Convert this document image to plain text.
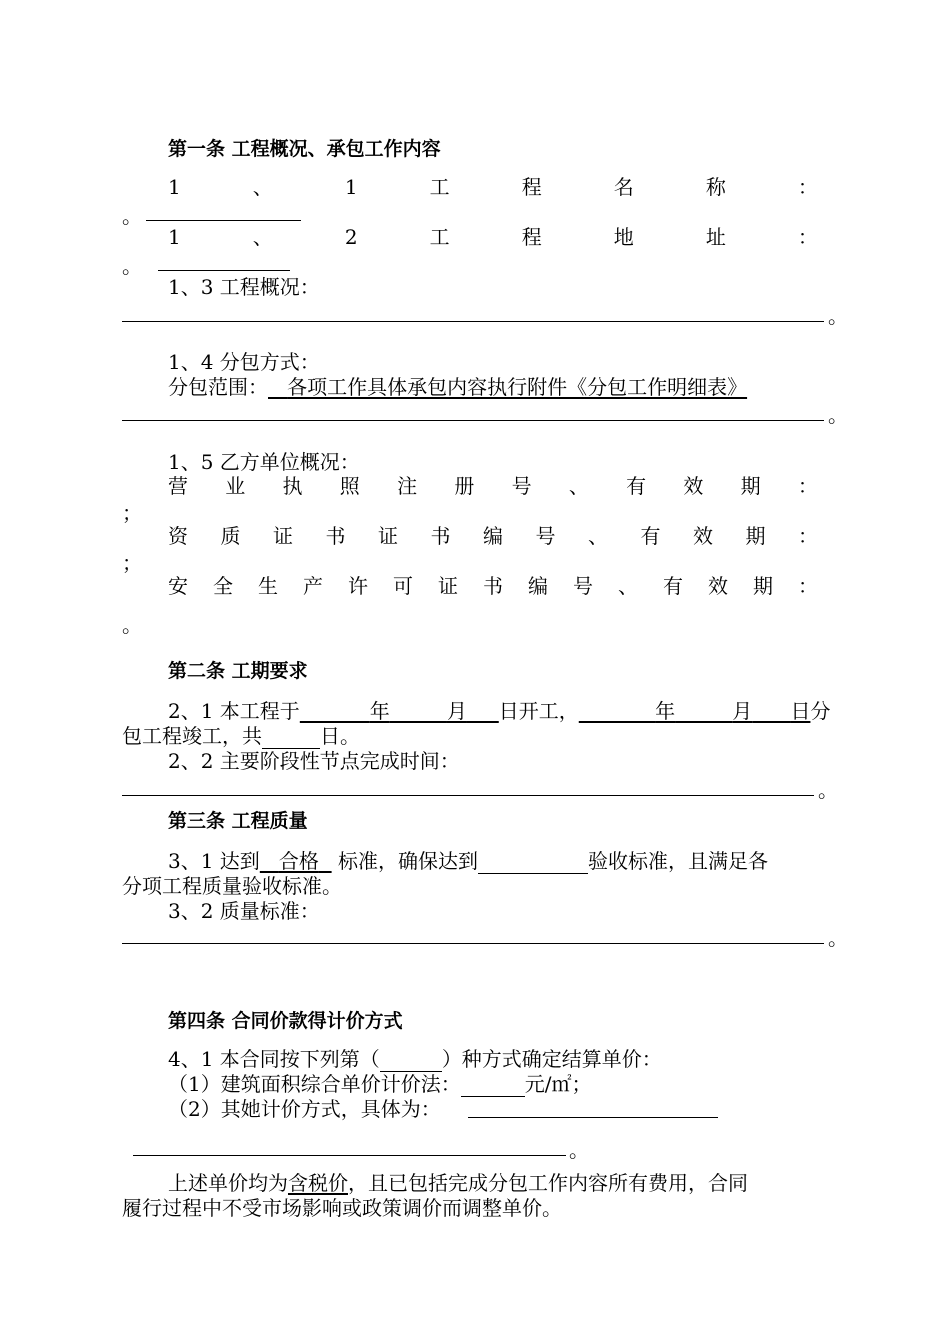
第一条 工程概况、承包工作内容
1	、	1	工	程	名	称	：
。
1	、	2	工	程	地	址	：
。
1、3 工程概况：
。
1、4 分包方式：
分包范围： 各项工作具体承包内容执行附件《分包工作明细表》
。
1、5 乙方单位概况：
营 业 执 照 注 册 号 、 有 效 期 ：
；
资 质 证 书 证 书 编 号 、 有 效 期 ：
；
安 全 生 产 许 可 证 书 编 号 、 有 效 期 ：
。
第二条 工期要求
2、1 本工程于	年	月 日开工，	年	月 日分
包工程竣工，共	日。
2、2 主要阶段性节点完成时间：
。
第三条 工程质量
3、1 达到 合格 标准，确保达到	验收标准，且满足各
分项工程质量验收标准。
3、2 质量标准：
。
第四条 合同价款得计价方式
4、1 本合同按下列第（	）种方式确定结算单价：
（1）建筑面积综合单价计价法：	元/㎡；
（2）其她计价方式，具体为：
。
上述单价均为含税价，且已包括完成分包工作内容所有费用，合同
履行过程中不受市场影响或政策调价而调整单价。
